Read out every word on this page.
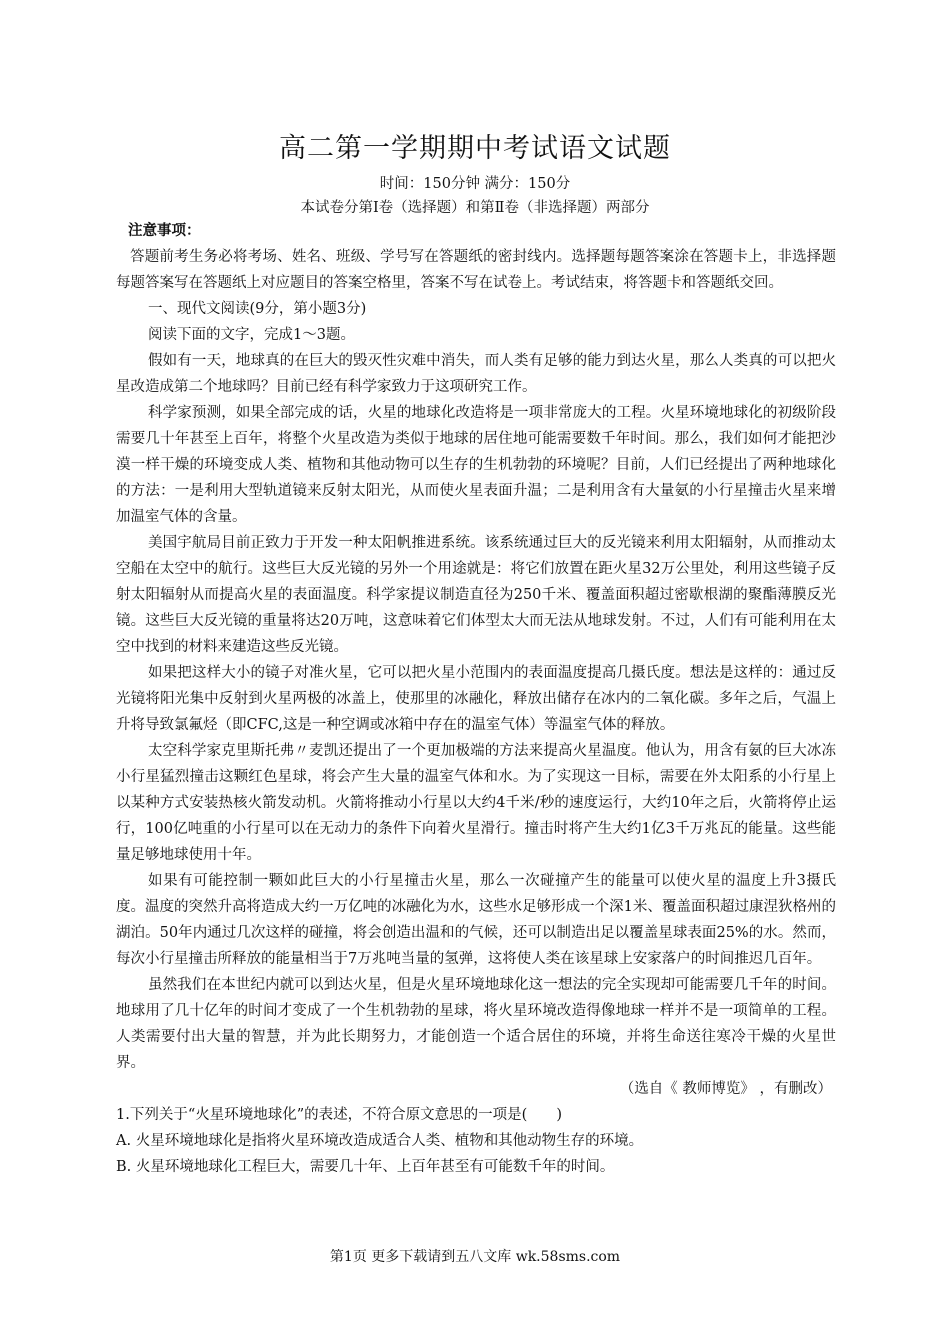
高二第一学期期中考试语文试题
时间：150分钟 满分：150分
本试卷分第Ⅰ卷（选择题）和第Ⅱ卷（非选择题）两部分
注意事项：

答题前考生务必将考场、姓名、班级、学号写在答题纸的密封线内。选择题每题答案涂在答题卡上，非选择题每题答案写在答题纸上对应题目的答案空格里，答案不写在试卷上。考试结束，将答题卡和答题纸交回。

一、现代文阅读(9分，第小题3分)

阅读下面的文字，完成1～3题。

假如有一天，地球真的在巨大的毁灭性灾难中消失，而人类有足够的能力到达火星，那么人类真的可以把火星改造成第二个地球吗？目前已经有科学家致力于这项研究工作。

科学家预测，如果全部完成的话，火星的地球化改造将是一项非常庞大的工程。火星环境地球化的初级阶段需要几十年甚至上百年，将整个火星改造为类似于地球的居住地可能需要数千年时间。那么，我们如何才能把沙漠一样干燥的环境变成人类、植物和其他动物可以生存的生机勃勃的环境呢？目前，人们已经提出了两种地球化的方法：一是利用大型轨道镜来反射太阳光，从而使火星表面升温；二是利用含有大量氨的小行星撞击火星来增加温室气体的含量。

美国宇航局目前正致力于开发一种太阳帆推进系统。该系统通过巨大的反光镜来利用太阳辐射，从而推动太空船在太空中的航行。这些巨大反光镜的另外一个用途就是：将它们放置在距火星32万公里处，利用这些镜子反射太阳辐射从而提高火星的表面温度。科学家提议制造直径为250千米、覆盖面积超过密歇根湖的聚酯薄膜反光镜。这些巨大反光镜的重量将达20万吨，这意味着它们体型太大而无法从地球发射。不过，人们有可能利用在太空中找到的材料来建造这些反光镜。

如果把这样大小的镜子对准火星，它可以把火星小范围内的表面温度提高几摄氏度。想法是这样的：通过反光镜将阳光集中反射到火星两极的冰盖上，使那里的冰融化，释放出储存在冰内的二氧化碳。多年之后，气温上升将导致氯氟烃（即CFC,这是一种空调或冰箱中存在的温室气体）等温室气体的释放。

太空科学家克里斯托弗〃麦凯还提出了一个更加极端的方法来提高火星温度。他认为，用含有氨的巨大冰冻小行星猛烈撞击这颗红色星球，将会产生大量的温室气体和水。为了实现这一目标，需要在外太阳系的小行星上以某种方式安装热核火箭发动机。火箭将推动小行星以大约4千米/秒的速度运行，大约10年之后，火箭将停止运行，100亿吨重的小行星可以在无动力的条件下向着火星滑行。撞击时将产生大约1亿3千万兆瓦的能量。这些能量足够地球使用十年。

如果有可能控制一颗如此巨大的小行星撞击火星，那么一次碰撞产生的能量可以使火星的温度上升3摄氏度。温度的突然升高将造成大约一万亿吨的冰融化为水，这些水足够形成一个深1米、覆盖面积超过康涅狄格州的湖泊。50年内通过几次这样的碰撞，将会创造出温和的气候，还可以制造出足以覆盖星球表面25%的水。然而，每次小行星撞击所释放的能量相当于7万兆吨当量的氢弹，这将使人类在该星球上安家落户的时间推迟几百年。

虽然我们在本世纪内就可以到达火星，但是火星环境地球化这一想法的完全实现却可能需要几千年的时间。地球用了几十亿年的时间才变成了一个生机勃勃的星球，将火星环境改造得像地球一样并不是一项简单的工程。人类需要付出大量的智慧，并为此长期努力，才能创造一个适合居住的环境，并将生命送往寒冷干燥的火星世界。

（选自《 教师博览》 ，有删改）

1.下列关于“火星环境地球化”的表述，不符合原文意思的一项是(　　)

A. 火星环境地球化是指将火星环境改造成适合人类、植物和其他动物生存的环境。

B. 火星环境地球化工程巨大，需要几十年、上百年甚至有可能数千年的时间。

第1页 更多下载请到五八文库 wk.58sms.com
